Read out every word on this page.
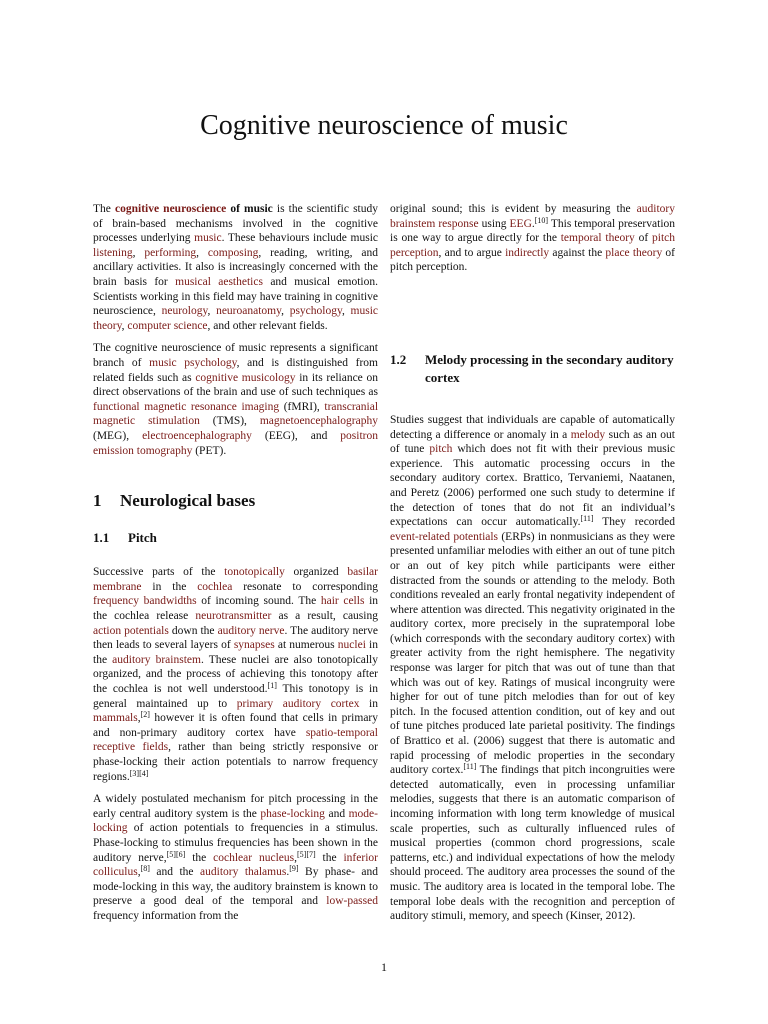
Cognitive neuroscience of music

The cognitive neuroscience of music is the scientific study of brain-based mechanisms involved in the cognitive processes underlying music. These behaviours include music listening, performing, composing, reading, writing, and ancillary activities. It also is increasingly concerned with the brain basis for musical aesthetics and musical emotion. Scientists working in this field may have training in cognitive neuroscience, neurology, neuroanatomy, psychology, music theory, computer science, and other relevant fields.

The cognitive neuroscience of music represents a significant branch of music psychology, and is distinguished from related fields such as cognitive musicology in its reliance on direct observations of the brain and use of such techniques as functional magnetic resonance imaging (fMRI), transcranial magnetic stimulation (TMS), magnetoencephalography (MEG), electroencephalography (EEG), and positron emission tomography (PET).

1 Neurological bases
1.1 Pitch

Successive parts of the tonotopically organized basilar membrane in the cochlea resonate to corresponding frequency bandwidths of incoming sound. The hair cells in the cochlea release neurotransmitter as a result, causing action potentials down the auditory nerve. The auditory nerve then leads to several layers of synapses at numerous nuclei in the auditory brainstem. These nuclei are also tonotopically organized, and the process of achieving this tonotopy after the cochlea is not well understood.[1] This tonotopy is in general maintained up to primary auditory cortex in mammals,[2] however it is often found that cells in primary and non-primary auditory cortex have spatio-temporal receptive fields, rather than being strictly responsive or phase-locking their action potentials to narrow frequency regions.[3][4]

A widely postulated mechanism for pitch processing in the early central auditory system is the phase-locking and mode-locking of action potentials to frequencies in a stimulus. Phase-locking to stimulus frequencies has been shown in the auditory nerve,[5][6] the cochlear nucleus,[5][7] the inferior colliculus,[8] and the auditory thalamus.[9] By phase- and mode-locking in this way, the auditory brainstem is known to preserve a good deal of the temporal and low-passed frequency information from the

original sound; this is evident by measuring the auditory brainstem response using EEG.[10] This temporal preservation is one way to argue directly for the temporal theory of pitch perception, and to argue indirectly against the place theory of pitch perception.

1.2 Melody processing in the secondary auditory cortex

Studies suggest that individuals are capable of automatically detecting a difference or anomaly in a melody such as an out of tune pitch which does not fit with their previous music experience. This automatic processing occurs in the secondary auditory cortex. Brattico, Tervaniemi, Naatanen, and Peretz (2006) performed one such study to determine if the detection of tones that do not fit an individual’s expectations can occur automatically.[11] They recorded event-related potentials (ERPs) in nonmusicians as they were presented unfamiliar melodies with either an out of tune pitch or an out of key pitch while participants were either distracted from the sounds or attending to the melody. Both conditions revealed an early frontal negativity independent of where attention was directed. This negativity originated in the auditory cortex, more precisely in the supratemporal lobe (which corresponds with the secondary auditory cortex) with greater activity from the right hemisphere. The negativity response was larger for pitch that was out of tune than that which was out of key. Ratings of musical incongruity were higher for out of tune pitch melodies than for out of key pitch. In the focused attention condition, out of key and out of tune pitches produced late parietal positivity. The findings of Brattico et al. (2006) suggest that there is automatic and rapid processing of melodic properties in the secondary auditory cortex.[11] The findings that pitch incongruities were detected automatically, even in processing unfamiliar melodies, suggests that there is an automatic comparison of incoming information with long term knowledge of musical scale properties, such as culturally influenced rules of musical properties (common chord progressions, scale patterns, etc.) and individual expectations of how the melody should proceed. The auditory area processes the sound of the music. The auditory area is located in the temporal lobe. The temporal lobe deals with the recognition and perception of auditory stimuli, memory, and speech (Kinser, 2012).

1
